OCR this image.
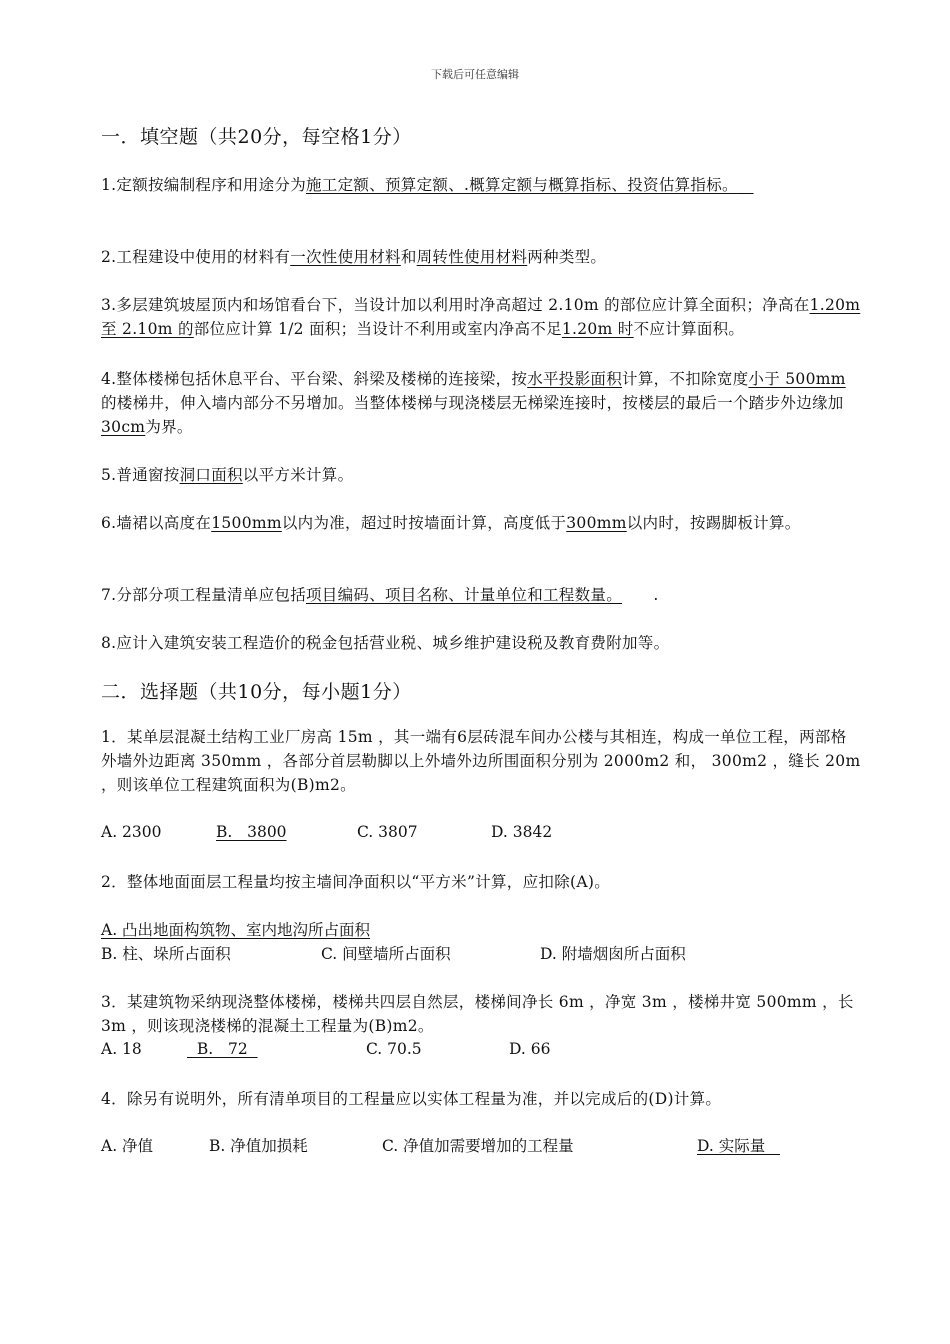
下载后可任意编辑
一．填空题（共20分，每空格1分）
1.定额按编制程序和用途分为施工定额、预算定额、.概算定额与概算指标、投资估算指标。
2.工程建设中使用的材料有一次性使用材料和周转性使用材料两种类型。
3.多层建筑坡屋顶内和场馆看台下，当设计加以利用时净高超过 2.10m 的部位应计算全面积；净高在1.20m 至 2.10m 的部位应计算 1/2 面积；当设计不利用或室内净高不足1.20m 时不应计算面积。
4.整体楼梯包括休息平台、平台梁、斜梁及楼梯的连接梁，按水平投影面积计算，不扣除宽度小于 500mm的楼梯井，伸入墙内部分不另增加。当整体楼梯与现浇楼层无梯梁连接时，按楼层的最后一个踏步外边缘加30cm为界。
5.普通窗按洞口面积以平方米计算。
6.墙裙以高度在1500mm以内为准，超过时按墙面计算，高度低于300mm以内时，按踢脚板计算。
7.分部分项工程量清单应包括项目编码、项目名称、计量单位和工程数量。      .
8.应计入建筑安装工程造价的税金包括营业税、城乡维护建设税及教育费附加等。
二．选择题（共10分，每小题1分）
1．某单层混凝土结构工业厂房高 15m ，其一端有6层砖混车间办公楼与其相连，构成一单位工程，两部格外墙外边距离 350mm ，各部分首层勒脚以上外墙外边所围面积分别为 2000m2 和， 300m2 ，缝长 20m ，则该单位工程建筑面积为(B)m2。
A. 2300	B.   3800	C. 3807	D. 3842
2．整体地面面层工程量均按主墙间净面积以“平方米”计算，应扣除(A)。
A. 凸出地面构筑物、室内地沟所占面积
B. 柱、垛所占面积	C. 间壁墙所占面积	D. 附墙烟囱所占面积
3．某建筑物采纳现浇整体楼梯，楼梯共四层自然层，楼梯间净长 6m ，净宽 3m ，楼梯井宽 500mm ，长 3m ，则该现浇楼梯的混凝土工程量为(B)m2。
A. 18	B.   72	C. 70.5	D. 66
4．除另有说明外，所有清单项目的工程量应以实体工程量为准，并以完成后的(D)计算。
A. 净值	B. 净值加损耗	C. 净值加需要增加的工程量	D. 实际量
